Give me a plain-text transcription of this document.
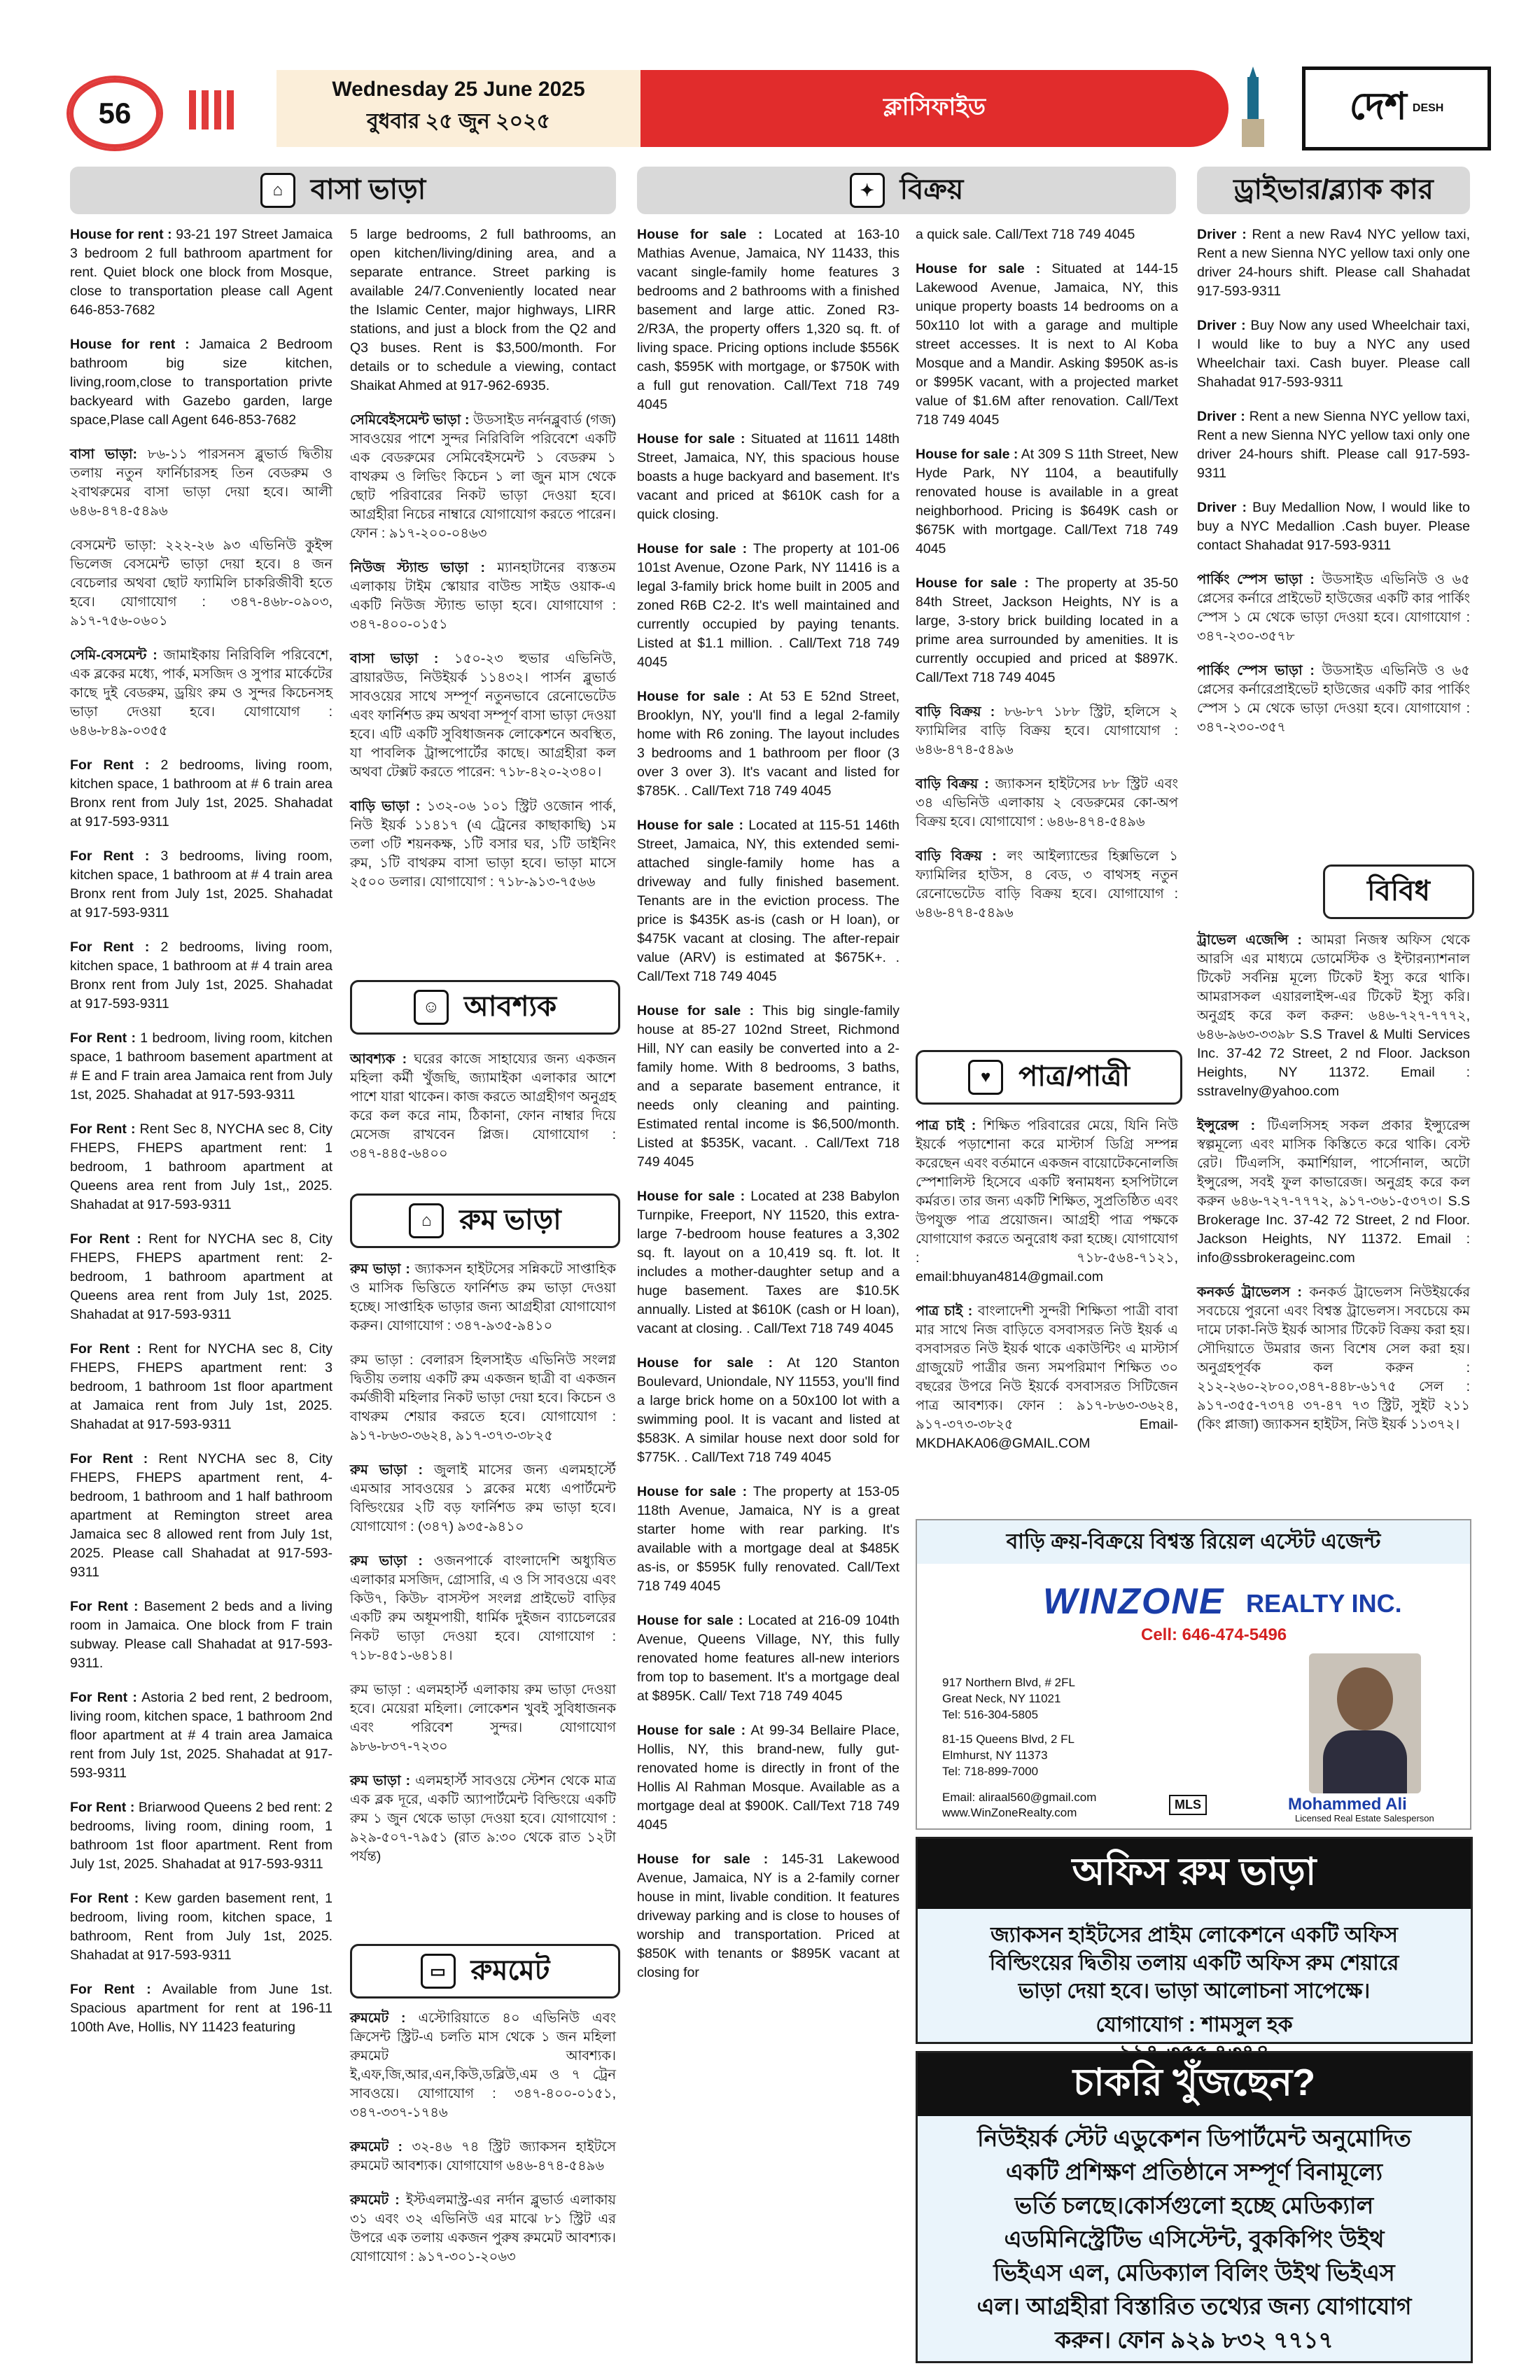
56
Wednesday 25 June 2025
বুধবার ২৫ জুন ২০২৫
ক্লাসিফাইড	দেশ DESH
⌂ বাসা ভাড়া	✦ বিক্রয়	ড্রাইভার/ব্ল্যাক কার

House for rent : 93-21 197 Street Jamaica 3 bedroom 2 full bathroom apartment for rent. Quiet block one block from Mosque, close to transportation please call Agent 646-853-7682

House for rent : Jamaica 2 Bedroom bathroom big size kitchen, living,room,close to transportation privte backyeard with Gazebo garden, large space,Plase call Agent 646-853-7682

বাসা ভাড়া: ৮৬-১১ পারসনস ব্লুভার্ড দ্বিতীয় তলায় নতুন ফার্নিচারসহ তিন বেডরুম ও ২বাথরুমের বাসা ভাড়া দেয়া হবে। আলী ৬৪৬-৪৭৪-৫৪৯৬

বেসমেন্ট ভাড়া: ২২২-২৬ ৯৩ এভিনিউ কুইন্স ভিলেজ বেসমেন্ট ভাড়া দেয়া হবে। ৪ জন বেচেলার অথবা ছোট ফ্যামিলি চাকরিজীবী হতে হবে। যোগাযোগ : ৩৪৭-৪৬৮-০৯০৩, ৯১৭-৭৫৬-০৬০১

সেমি-বেসমেন্ট : জামাইকায় নিরিবিলি পরিবেশে, এক ব্লকের মধ্যে, পার্ক, মসজিদ ও সুপার মার্কেটের কাছে দুই বেডরুম, ড্রয়িং রুম ও সুন্দর কিচেনসহ ভাড়া দেওয়া হবে। যোগাযোগ : ৬৪৬-৮৪৯-০৩৫৫

For Rent : 2 bedrooms, living room, kitchen space, 1 bathroom at # 6 train area Bronx rent from July 1st, 2025. Shahadat at 917-593-9311

For Rent : 3 bedrooms, living room, kitchen space, 1 bathroom at # 4 train area Bronx rent from July 1st, 2025. Shahadat at 917-593-9311

For Rent : 2 bedrooms, living room, kitchen space, 1 bathroom at # 4 train area Bronx rent from July 1st, 2025. Shahadat at 917-593-9311

For Rent : 1 bedroom, living room, kitchen space, 1 bathroom basement apartment at # E and F train area Jamaica rent from July 1st, 2025. Shahadat at 917-593-9311

For Rent : Rent Sec 8, NYCHA sec 8, City FHEPS, FHEPS apartment rent: 1 bedroom, 1 bathroom apartment at Queens area rent from July 1st,, 2025. Shahadat at 917-593-9311

For Rent : Rent for NYCHA sec 8, City FHEPS, FHEPS apartment rent: 2-bedroom, 1 bathroom apartment at Queens area rent from July 1st, 2025. Shahadat at 917-593-9311

For Rent : Rent for NYCHA sec 8, City FHEPS, FHEPS apartment rent: 3 bedroom, 1 bathroom 1st floor apartment at Jamaica rent from July 1st, 2025. Shahadat at 917-593-9311

For Rent : Rent NYCHA sec 8, City FHEPS, FHEPS apartment rent, 4-bedroom, 1 bathroom and 1 half bathroom apartment at Remington street area Jamaica sec 8 allowed rent from July 1st, 2025. Please call Shahadat at 917-593-9311

For Rent : Basement 2 beds and a living room in Jamaica. One block from F train subway. Please call Shahadat at 917-593-9311.

For Rent : Astoria 2 bed rent, 2 bedroom, living room, kitchen space, 1 bathroom 2nd floor apartment at # 4 train area Jamaica rent from July 1st, 2025. Shahadat at 917-593-9311

For Rent : Briarwood Queens 2 bed rent: 2 bedrooms, living room, dining room, 1 bathroom 1st floor apartment. Rent from July 1st, 2025. Shahadat at 917-593-9311

For Rent : Kew garden basement rent, 1 bedroom, living room, kitchen space, 1 bathroom, Rent from July 1st, 2025. Shahadat at 917-593-9311

For Rent : Available from June 1st. Spacious apartment for rent at 196-11 100th Ave, Hollis, NY 11423 featuring

5 large bedrooms, 2 full bathrooms, an open kitchen/living/dining area, and a separate entrance. Street parking is available 24/7.Conveniently located near the Islamic Center, major highways, LIRR stations, and just a block from the Q2 and Q3 buses. Rent is $3,500/month. For details or to schedule a viewing, contact Shaikat Ahmed at 917-962-6935.

সেমিবেইসমেন্ট ভাড়া : উডসাইড নর্দনব্লুবার্ড (গজ) সাবওয়ের পাশে সুন্দর নিরিবিলি পরিবেশে একটি এক বেডরুমের সেমিবেইসমেন্ট ১ বেডরুম ১ বাথরুম ও লিভিং কিচেন ১ লা জুন মাস থেকে ছোট পরিবারের নিকট ভাড়া দেওয়া হবে। আগ্রহীরা নিচের নাম্বারে যোগাযোগ করতে পারেন। ফোন : ৯১৭-২০০-০৪৬৩

নিউজ স্ট্যান্ড ভাড়া : ম্যানহাটানের ব্যস্ততম এলাকায় টাইম স্কোয়ার বাউন্ড সাইড ওয়াক-এ একটি নিউজ স্ট্যান্ড ভাড়া হবে। যোগাযোগ : ৩৪৭-৪০০-০১৫১

বাসা ভাড়া : ১৫০-২৩ হুভার এভিনিউ, ব্রায়ারউড, নিউইয়র্ক ১১৪৩২। পার্সন ব্লুভার্ড সাবওয়ের সাথে সম্পূর্ণ নতুনভাবে রেনোভেটেড এবং ফার্নিশড রুম অথবা সম্পূর্ণ বাসা ভাড়া দেওয়া হবে। এটি একটি সুবিধাজনক লোকেশনে অবস্থিত, যা পাবলিক ট্রান্সপোর্টের কাছে। আগ্রহীরা কল অথবা টেক্সট করতে পারেন: ৭১৮-৪২০-২৩৪০।

বাড়ি ভাড়া : ১৩২-০৬ ১০১ স্ট্রিট ওজোন পার্ক, নিউ ইয়র্ক ১১৪১৭ (এ ট্রেনের কাছাকাছি) ১ম তলা ৩টি শয়নকক্ষ, ১টি বসার ঘর, ১টি ডাইনিং রুম, ১টি বাথরুম বাসা ভাড়া হবে। ভাড়া মাসে ২৫০০ ডলার। যোগাযোগ : ৭১৮-৯১৩-৭৫৬৬

☺ আবশ্যক

আবশ্যক : ঘরের কাজে সাহায্যের জন্য একজন মহিলা কর্মী খুঁজছি, জ্যামাইকা এলাকার আশে পাশে যারা থাকেন। কাজ করতে আগ্রহীগণ অনুগ্রহ করে কল করে নাম, ঠিকানা, ফোন নাম্বার দিয়ে মেসেজ রাখবেন প্লিজ। যোগাযোগ : ৩৪৭-৪৪৫-৬৪০০

⌂ রুম ভাড়া

রুম ভাড়া : জ্যাকসন হাইটসের সন্নিকটে সাপ্তাহিক ও মাসিক ভিত্তিতে ফার্নিশড রুম ভাড়া দেওয়া হচ্ছে। সাপ্তাহিক ভাড়ার জন্য আগ্রহীরা যোগাযোগ করুন। যোগাযোগ : ৩৪৭-৯৩৫-৯৪১০

রুম ভাড়া : বেলারস হিলসাইড এভিনিউ সংলগ্ন দ্বিতীয় তলায় একটি রুম একজন ছাত্রী বা একজন কর্মজীবী মহিলার নিকট ভাড়া দেয়া হবে। কিচেন ও বাথরুম শেয়ার করতে হবে। যোগাযোগ : ৯১৭-৮৬৩-৩৬২৪, ৯১৭-৩৭৩-৩৮২৫

রুম ভাড়া : জুলাই মাসের জন্য এলমহার্স্টে এমআর সাবওয়ের ১ ব্লকের মধ্যে এপার্টমেন্ট বিল্ডিংয়ের ২টি বড় ফার্নিশড রুম ভাড়া হবে। যোগাযোগ : (৩৪৭) ৯৩৫-৯৪১০

রুম ভাড়া : ওজনপার্কে বাংলাদেশি অধ্যুষিত এলাকার মসজিদ, গ্রোসারি, এ ও সি সাবওয়ে এবং কিউ৭, কিউ৮ বাসস্টপ সংলগ্ন প্রাইভেট বাড়ির একটি রুম অধূমপায়ী, ধার্মিক দুইজন ব্যাচেলরের নিকট ভাড়া দেওয়া হবে। যোগাযোগ : ৭১৮-৪৫১-৬৪১৪।

রুম ভাড়া : এলমহার্স্ট এলাকায় রুম ভাড়া দেওয়া হবে। মেয়েরা মহিলা। লোকেশন খুবই সুবিধাজনক এবং পরিবেশ সুন্দর। যোগাযোগ ৯৮৬-৮৩৭-৭২৩০

রুম ভাড়া : এলমহার্স্ট সাবওয়ে স্টেশন থেকে মাত্র এক ব্লক দূরে, একটি অ্যাপার্টমেন্ট বিল্ডিংয়ে একটি রুম ১ জুন থেকে ভাড়া দেওয়া হবে। যোগাযোগ : ৯২৯-৫০৭-৭৯৫১ (রাত ৯:৩০ থেকে রাত ১২টা পর্যন্ত)

▭ রুমমেট

রুমমেট : এস্টোরিয়াতে ৪০ এভিনিউ এবং ক্রিসেন্ট স্ট্রিট-এ চলতি মাস থেকে ১ জন মহিলা রুমমেট আবশ্যক। ই,এফ,জি,আর,এন,কিউ,ডব্লিউ,এম ও ৭ ট্রেন সাবওয়ে। যোগাযোগ : ৩৪৭-৪০০-০১৫১, ৩৪৭-৩৩৭-১৭৪৬

রুমমেট : ৩২-৪৬ ৭৪ স্ট্রিট জ্যাকসন হাইটসে রুমমেট আবশ্যক। যোগাযোগ ৬৪৬-৪৭৪-৫৪৯৬

রুমমেট : ইস্টএলমাস্ট্র-এর নর্দান ব্লুভার্ড এলাকায় ৩১ এবং ৩২ এভিনিউ এর মাঝে ৮১ স্ট্রিট এর উপরে এক তলায় একজন পুরুষ রুমমেট আবশ্যক। যোগাযোগ : ৯১৭-৩০১-২০৬৩

House for sale : Located at 163-10 Mathias Avenue, Jamaica, NY 11433, this vacant single-family home features 3 bedrooms and 2 bathrooms with a finished basement and large attic. Zoned R3-2/R3A, the property offers 1,320 sq. ft. of living space. Pricing options include $556K cash, $595K with mortgage, or $750K with a full gut renovation. Call/Text 718 749 4045

House for sale : Situated at 11611 148th Street, Jamaica, NY, this spacious house boasts a huge backyard and basement. It's vacant and priced at $610K cash for a quick closing.

House for sale : The property at 101-06 101st Avenue, Ozone Park, NY 11416 is a legal 3-family brick home built in 2005 and zoned R6B C2-2. It's well maintained and currently occupied by paying tenants. Listed at $1.1 million. . Call/Text 718 749 4045

House for sale : At 53 E 52nd Street, Brooklyn, NY, you'll find a legal 2-family home with R6 zoning. The layout includes 3 bedrooms and 1 bathroom per floor (3 over 3 over 3). It's vacant and listed for $785K. . Call/Text 718 749 4045

House for sale : Located at 115-51 146th Street, Jamaica, NY, this extended semi-attached single-family home has a driveway and fully finished basement. Tenants are in the eviction process. The price is $435K as-is (cash or H loan), or $475K vacant at closing. The after-repair value (ARV) is estimated at $675K+. . Call/Text 718 749 4045

House for sale : This big single-family house at 85-27 102nd Street, Richmond Hill, NY can easily be converted into a 2-family home. With 8 bedrooms, 3 baths, and a separate basement entrance, it needs only cleaning and painting. Estimated rental income is $6,500/month. Listed at $535K, vacant. . Call/Text 718 749 4045

House for sale : Located at 238 Babylon Turnpike, Freeport, NY 11520, this extra-large 7-bedroom house features a 3,302 sq. ft. layout on a 10,419 sq. ft. lot. It includes a mother-daughter setup and a huge basement. Taxes are $10.5K annually. Listed at $610K (cash or H loan), vacant at closing. . Call/Text 718 749 4045

House for sale : At 120 Stanton Boulevard, Uniondale, NY 11553, you'll find a large brick home on a 50x100 lot with a swimming pool. It is vacant and listed at $583K. A similar house next door sold for $775K. . Call/Text 718 749 4045

House for sale : The property at 153-05 118th Avenue, Jamaica, NY is a great starter home with rear parking. It's available with a mortgage deal at $485K as-is, or $595K fully renovated. Call/Text 718 749 4045

House for sale : Located at 216-09 104th Avenue, Queens Village, NY, this fully renovated home features all-new interiors from top to basement. It's a mortgage deal at $895K. Call/ Text 718 749 4045

House for sale : At 99-34 Bellaire Place, Hollis, NY, this brand-new, fully gut-renovated home is directly in front of the Hollis Al Rahman Mosque. Available as a mortgage deal at $900K. Call/Text 718 749 4045

House for sale : 145-31 Lakewood Avenue, Jamaica, NY is a 2-family corner house in mint, livable condition. It features driveway parking and is close to houses of worship and transportation. Priced at $850K with tenants or $895K vacant at closing for

a quick sale. Call/Text 718 749 4045

House for sale : Situated at 144-15 Lakewood Avenue, Jamaica, NY, this unique property boasts 14 bedrooms on a 50x110 lot with a garage and multiple street accesses. It is next to Al Koba Mosque and a Mandir. Asking $950K as-is or $995K vacant, with a projected market value of $1.6M after renovation. Call/Text 718 749 4045

House for sale : At 309 S 11th Street, New Hyde Park, NY 1104, a beautifully renovated house is available in a great neighborhood. Pricing is $649K cash or $675K with mortgage. Call/Text 718 749 4045

House for sale : The property at 35-50 84th Street, Jackson Heights, NY is a large, 3-story brick building located in a prime area surrounded by amenities. It is currently occupied and priced at $897K. Call/Text 718 749 4045

বাড়ি বিক্রয় : ৮৬-৮৭ ১৮৮ স্ট্রিট, হলিসে ২ ফ্যামিলির বাড়ি বিক্রয় হবে। যোগাযোগ : ৬৪৬-৪৭৪-৫৪৯৬

বাড়ি বিক্রয় : জ্যাকসন হাইটসের ৮৮ স্ট্রিট এবং ৩৪ এভিনিউ এলাকায় ২ বেডরুমের কো-অপ বিক্রয় হবে। যোগাযোগ : ৬৪৬-৪৭৪-৫৪৯৬

বাড়ি বিক্রয় : লং আইল্যান্ডের হিক্সভিলে ১ ফ্যামিলির হাউস, ৪ বেড, ৩ বাথসহ নতুন রেনোভেটেড বাড়ি বিক্রয় হবে। যোগাযোগ : ৬৪৬-৪৭৪-৫৪৯৬

♥ পাত্র/পাত্রী

পাত্র চাই : শিক্ষিত পরিবারের মেয়ে, যিনি নিউ ইয়র্কে পড়াশোনা করে মাস্টার্স ডিগ্রি সম্পন্ন করেছেন এবং বর্তমানে একজন বায়োটেকনোলজি স্পেশালিস্ট হিসেবে একটি স্বনামধন্য হসপিটালে কর্মরত। তার জন্য একটি শিক্ষিত, সুপ্রতিষ্ঠিত এবং উপযুক্ত পাত্র প্রয়োজন। আগ্রহী পাত্র পক্ষকে যোগাযোগ করতে অনুরোধ করা হচ্ছে। যোগাযোগ : ৭১৮-৫৬৪-৭১২১, email:bhuyan4814@gmail.com

পাত্র চাই : বাংলাদেশী সুন্দরী শিক্ষিতা পাত্রী বাবা মার সাথে নিজ বাড়িতে বসবাসরত নিউ ইয়র্ক এ বসবাসরত নিউ ইয়র্ক থাকে একাউন্টিং এ মাস্টার্স গ্রাজুয়েট পাত্রীর জন্য সমপরিমাণ শিক্ষিত ৩০ বছরের উপরে নিউ ইয়র্কে বসবাসরত সিটিজেন পাত্র আবশ্যক। ফোন : ৯১৭-৮৬৩-৩৬২৪, ৯১৭-৩৭৩-৩৮২৫ Email- MKDHAKA06@GMAIL.COM

Driver : Rent a new Rav4 NYC yellow taxi, Rent a new Sienna NYC yellow taxi only one driver 24-hours shift. Please call Shahadat 917-593-9311

Driver : Buy Now any used Wheelchair taxi, I would like to buy a NYC any used Wheelchair taxi. Cash buyer. Please call Shahadat 917-593-9311

Driver : Rent a new Sienna NYC yellow taxi, Rent a new Sienna NYC yellow taxi only one driver 24-hours shift. Please call 917-593-9311

Driver : Buy Medallion Now, I would like to buy a NYC Medallion .Cash buyer. Please contact Shahadat 917-593-9311

পার্কিং স্পেস ভাড়া : উডসাইড এভিনিউ ও ৬৫ প্লেসের কর্নারে প্রাইভেট হাউজের একটি কার পার্কিং স্পেস ১ মে থেকে ভাড়া দেওয়া হবে। যোগাযোগ : ৩৪৭-২৩০-৩৫৭৮

পার্কিং স্পেস ভাড়া : উডসাইড এভিনিউ ও ৬৫ প্লেসের কর্নারেপ্রাইভেট হাউজের একটি কার পার্কিং স্পেস ১ মে থেকে ভাড়া দেওয়া হবে। যোগাযোগ : ৩৪৭-২৩০-৩৫৭

বিবিধ

ট্রাভেল এজেন্সি : আমরা নিজস্ব অফিস থেকে আরসি এর মাধ্যমে ডোমেস্টিক ও ইন্টারন্যাশনাল টিকেট সর্বনিম্ন মূল্যে টিকেট ইস্যু করে থাকি। আমরাসকল এয়ারলাইন্স-এর টিকেট ইস্যু করি। অনুগ্রহ করে কল করুন: ৬৪৬-৭২৭-৭৭৭২, ৬৪৬-৯৬৩-৩৩৯৮ S.S Travel & Multi Services Inc. 37-42 72 Street, 2 nd Floor. Jackson Heights, NY 11372. Email : sstravelny@yahoo.com

ইন্সুরেন্স : টিএলসিসহ সকল প্রকার ইন্স্যুরেন্স স্বল্পমূল্যে এবং মাসিক কিস্তিতে করে থাকি। বেস্ট রেট। টিএলসি, কমার্শিয়াল, পার্সোনাল, অটো ইন্সুরেন্স, সবই ফুল কাভারেজ। অনুগ্রহ করে কল করুন ৬৪৬-৭২৭-৭৭৭২, ৯১৭-৩৬১-৫৩৭৩। S.S Brokerage Inc. 37-42 72 Street, 2 nd Floor. Jackson Heights, NY 11372. Email : info@ssbrokerageinc.com

কনকর্ড ট্রাভেলস : কনকর্ড ট্রাভেলস নিউইয়র্কের সবচেয়ে পুরনো এবং বিশ্বস্ত ট্রাভেলস। সবচেয়ে কম দামে ঢাকা-নিউ ইয়র্ক আসার টিকেট বিক্রয় করা হয়। সৌদিয়াতে উমরার জন্য বিশেষ সেল করা হয়। অনুগ্রহপূর্বক কল করুন : ২১২-২৬০-২৮০০,৩৪৭-৪৪৮-৬১৭৫ সেল : ৯১৭-৩৫৫-৭৩৭৪ ৩৭-৪৭ ৭৩ স্ট্রিট, সুইট ২১১ (কিং প্লাজা) জ্যাকসন হাইটস, নিউ ইয়র্ক ১১৩৭২।

বাড়ি ক্রয়-বিক্রয়ে বিশ্বস্ত রিয়েল এস্টেট এজেন্ট
WINZONE REALTY INC.
Cell: 646-474-5496
917 Northern Blvd, # 2FL
Great Neck, NY 11021
Tel: 516-304-5805
81-15 Queens Blvd, 2 FL
Elmhurst, NY 11373
Tel: 718-899-7000
Email: aliraal560@gmail.com
www.WinZoneRealty.com
MLS	Mohammed Ali
Licensed Real Estate Salesperson
অফিস রুম ভাড়া
জ্যাকসন হাইটসের প্রাইম লোকেশনে একটি অফিস
বিল্ডিংয়ের দ্বিতীয় তলায় একটি অফিস রুম শেয়ারে
ভাড়া দেয়া হবে। ভাড়া আলোচনা সাপেক্ষে।
যোগাযোগ : শামসুল হক
চাকরি খুঁজছেন?
নিউইয়র্ক স্টেট এডুকেশন ডিপার্টমেন্ট অনুমোদিত
একটি প্রশিক্ষণ প্রতিষ্ঠানে সম্পূর্ণ বিনামূল্যে
ভর্তি চলছে।কোর্সগুলো হচ্ছে মেডিক্যাল
এডমিনিস্ট্রেটিভ এসিস্টেন্ট, বুককিপিং উইথ
ভিইএস এল, মেডিক্যাল বিলিং উইথ ভিইএস
এল। আগ্রহীরা বিস্তারিত তথ্যের জন্য যোগাযোগ
করুন। ফোন ৯২৯ ৮৩২ ৭৭১৭
